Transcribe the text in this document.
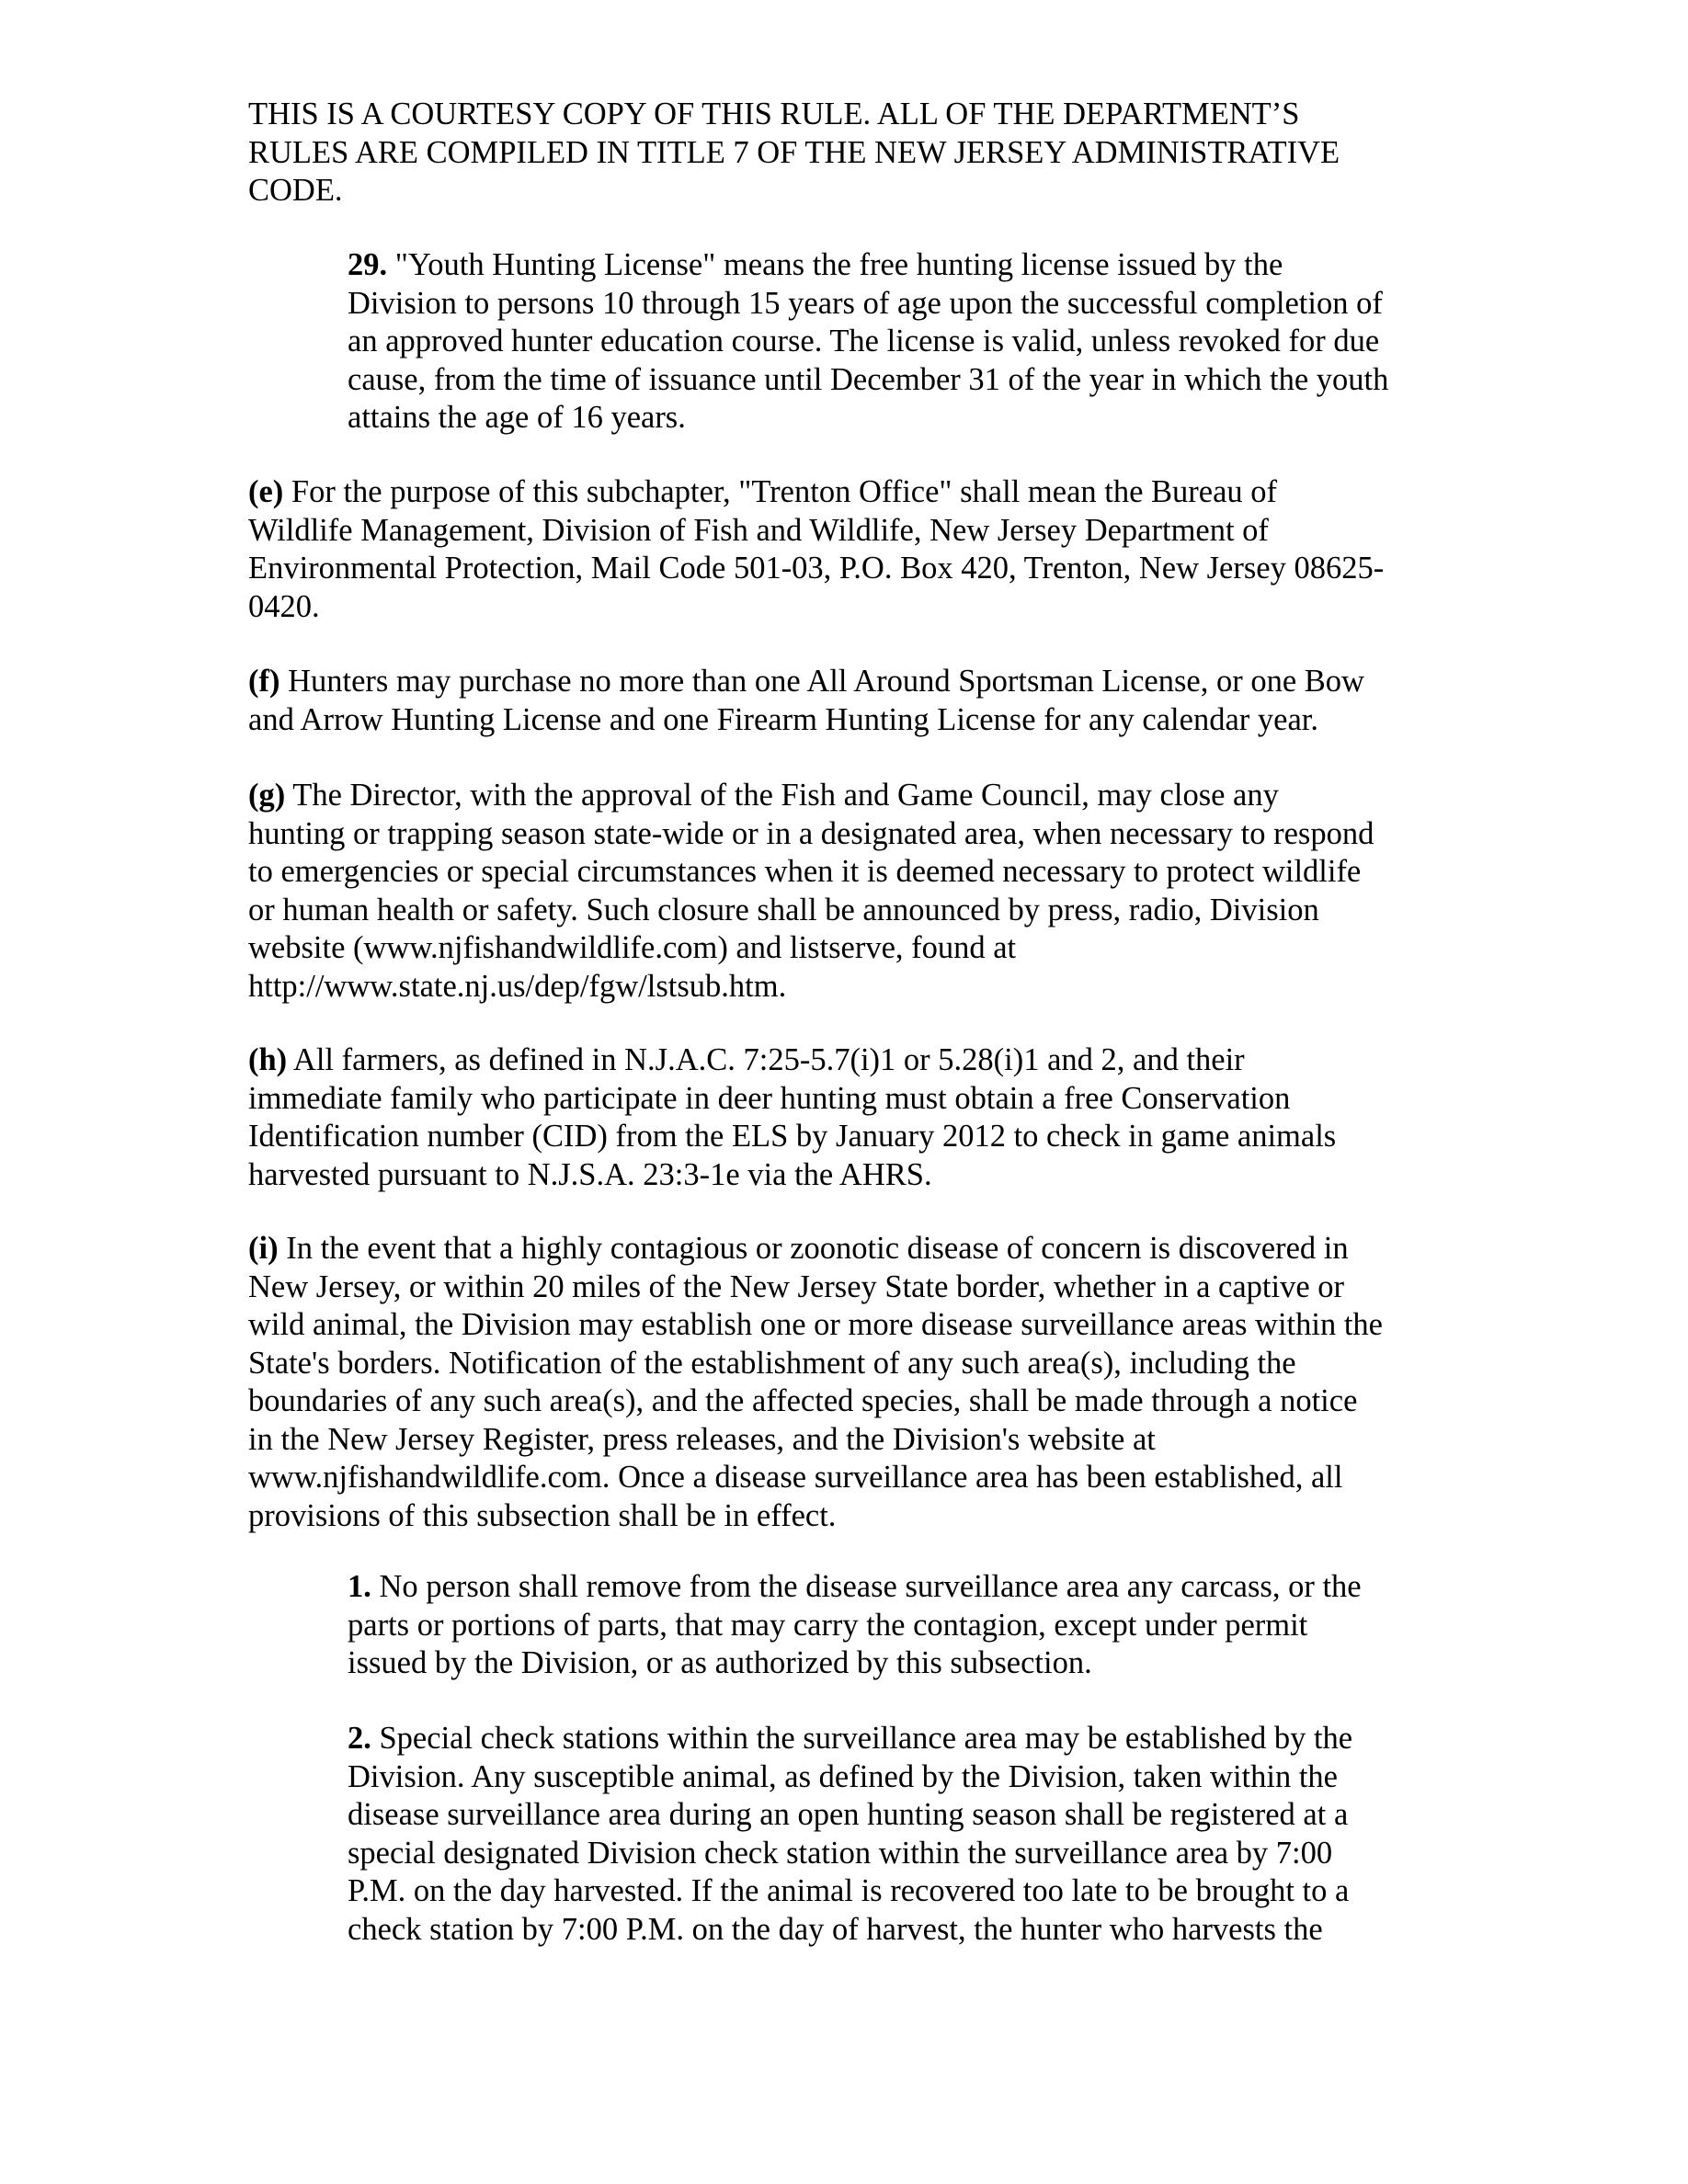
THIS IS A COURTESY COPY OF THIS RULE. ALL OF THE DEPARTMENT’S
RULES ARE COMPILED IN TITLE 7 OF THE NEW JERSEY ADMINISTRATIVE
CODE.

29. "Youth Hunting License" means the free hunting license issued by the
Division to persons 10 through 15 years of age upon the successful completion of
an approved hunter education course. The license is valid, unless revoked for due
cause, from the time of issuance until December 31 of the year in which the youth
attains the age of 16 years.

(e) For the purpose of this subchapter, "Trenton Office" shall mean the Bureau of
Wildlife Management, Division of Fish and Wildlife, New Jersey Department of
Environmental Protection, Mail Code 501-03, P.O. Box 420, Trenton, New Jersey 08625-
0420.

(f) Hunters may purchase no more than one All Around Sportsman License, or one Bow
and Arrow Hunting License and one Firearm Hunting License for any calendar year.

(g) The Director, with the approval of the Fish and Game Council, may close any
hunting or trapping season state-wide or in a designated area, when necessary to respond
to emergencies or special circumstances when it is deemed necessary to protect wildlife
or human health or safety. Such closure shall be announced by press, radio, Division
website (www.njfishandwildlife.com) and listserve, found at
http://www.state.nj.us/dep/fgw/lstsub.htm.

(h) All farmers, as defined in N.J.A.C. 7:25-5.7(i)1 or 5.28(i)1 and 2, and their
immediate family who participate in deer hunting must obtain a free Conservation
Identification number (CID) from the ELS by January 2012 to check in game animals
harvested pursuant to N.J.S.A. 23:3-1e via the AHRS.

(i) In the event that a highly contagious or zoonotic disease of concern is discovered in
New Jersey, or within 20 miles of the New Jersey State border, whether in a captive or
wild animal, the Division may establish one or more disease surveillance areas within the
State's borders. Notification of the establishment of any such area(s), including the
boundaries of any such area(s), and the affected species, shall be made through a notice
in the New Jersey Register, press releases, and the Division's website at
www.njfishandwildlife.com. Once a disease surveillance area has been established, all
provisions of this subsection shall be in effect.

1. No person shall remove from the disease surveillance area any carcass, or the
parts or portions of parts, that may carry the contagion, except under permit
issued by the Division, or as authorized by this subsection.

2. Special check stations within the surveillance area may be established by the
Division. Any susceptible animal, as defined by the Division, taken within the
disease surveillance area during an open hunting season shall be registered at a
special designated Division check station within the surveillance area by 7:00
P.M. on the day harvested. If the animal is recovered too late to be brought to a
check station by 7:00 P.M. on the day of harvest, the hunter who harvests the
